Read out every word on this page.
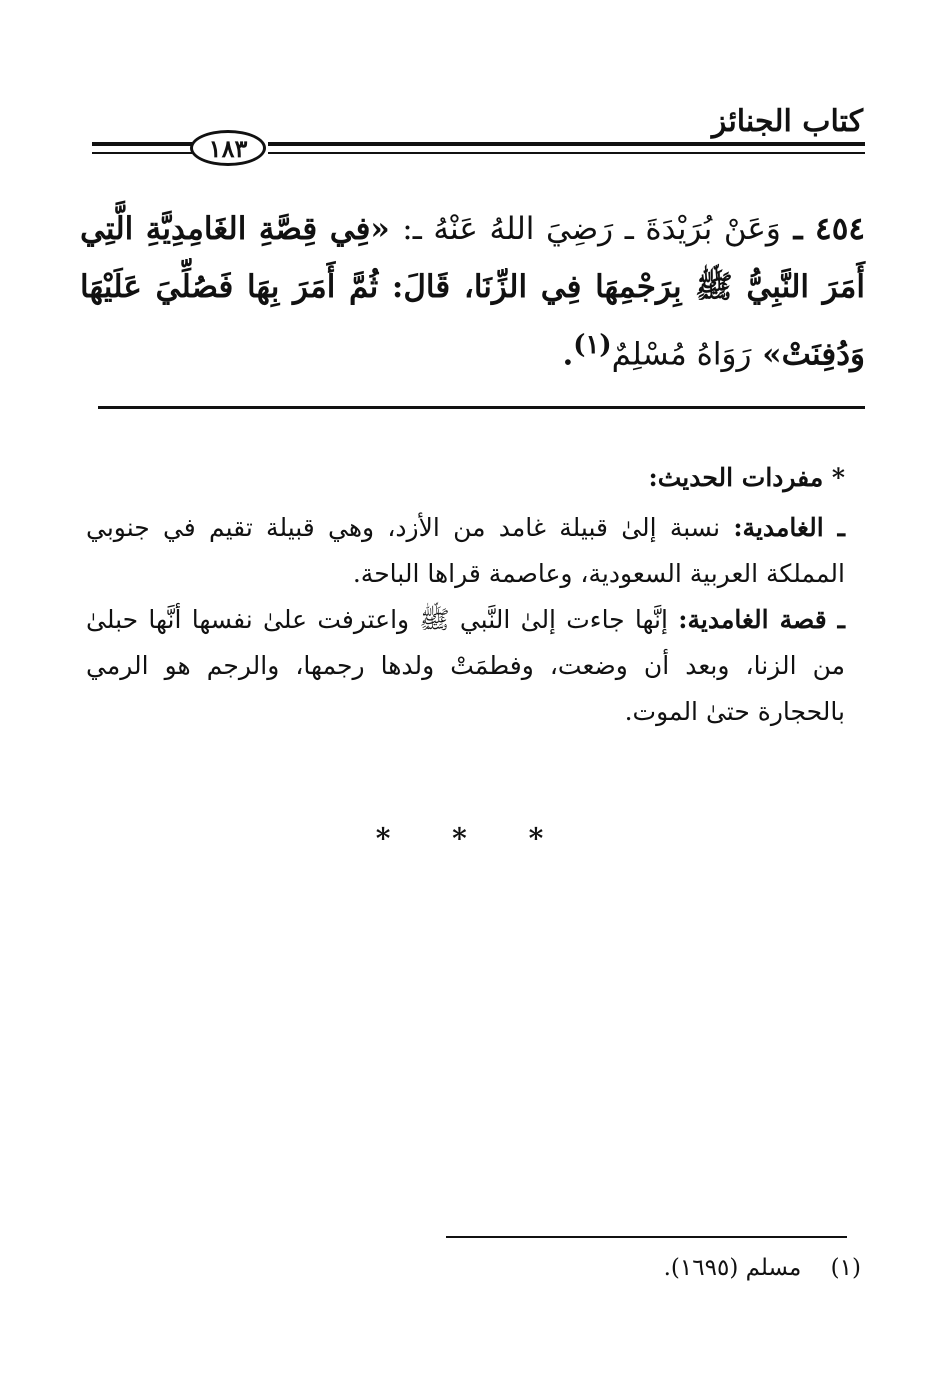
كتاب الجنائز
١٨٣

٤٥٤ ـ وَعَنْ بُرَيْدَةَ ـ رَضِيَ اللهُ عَنْهُ ـ: «فِي قِصَّةِ الغَامِدِيَّةِ الَّتِي أَمَرَ النَّبِيُّ ﷺ بِرَجْمِهَا فِي الزِّنَا، قَالَ: ثُمَّ أَمَرَ بِهَا فَصُلِّيَ عَلَيْهَا وَدُفِنَتْ» رَوَاهُ مُسْلِمٌ$^{(١)}$.

* مفردات الحديث:

ـ الغامدية: نسبة إلىٰ قبيلة غامد من الأزد، وهي قبيلة تقيم في جنوبي المملكة العربية السعودية، وعاصمة قراها الباحة.

ـ قصة الغامدية: إنَّها جاءت إلىٰ النَّبي ﷺ واعترفت علىٰ نفسها أنَّها حبلىٰ من الزنا، وبعد أن وضعت، وفطمَتْ ولدها رجمها، والرجم هو الرمي بالحجارة حتىٰ الموت.

* * *
(١) مسلم (١٦٩٥).
